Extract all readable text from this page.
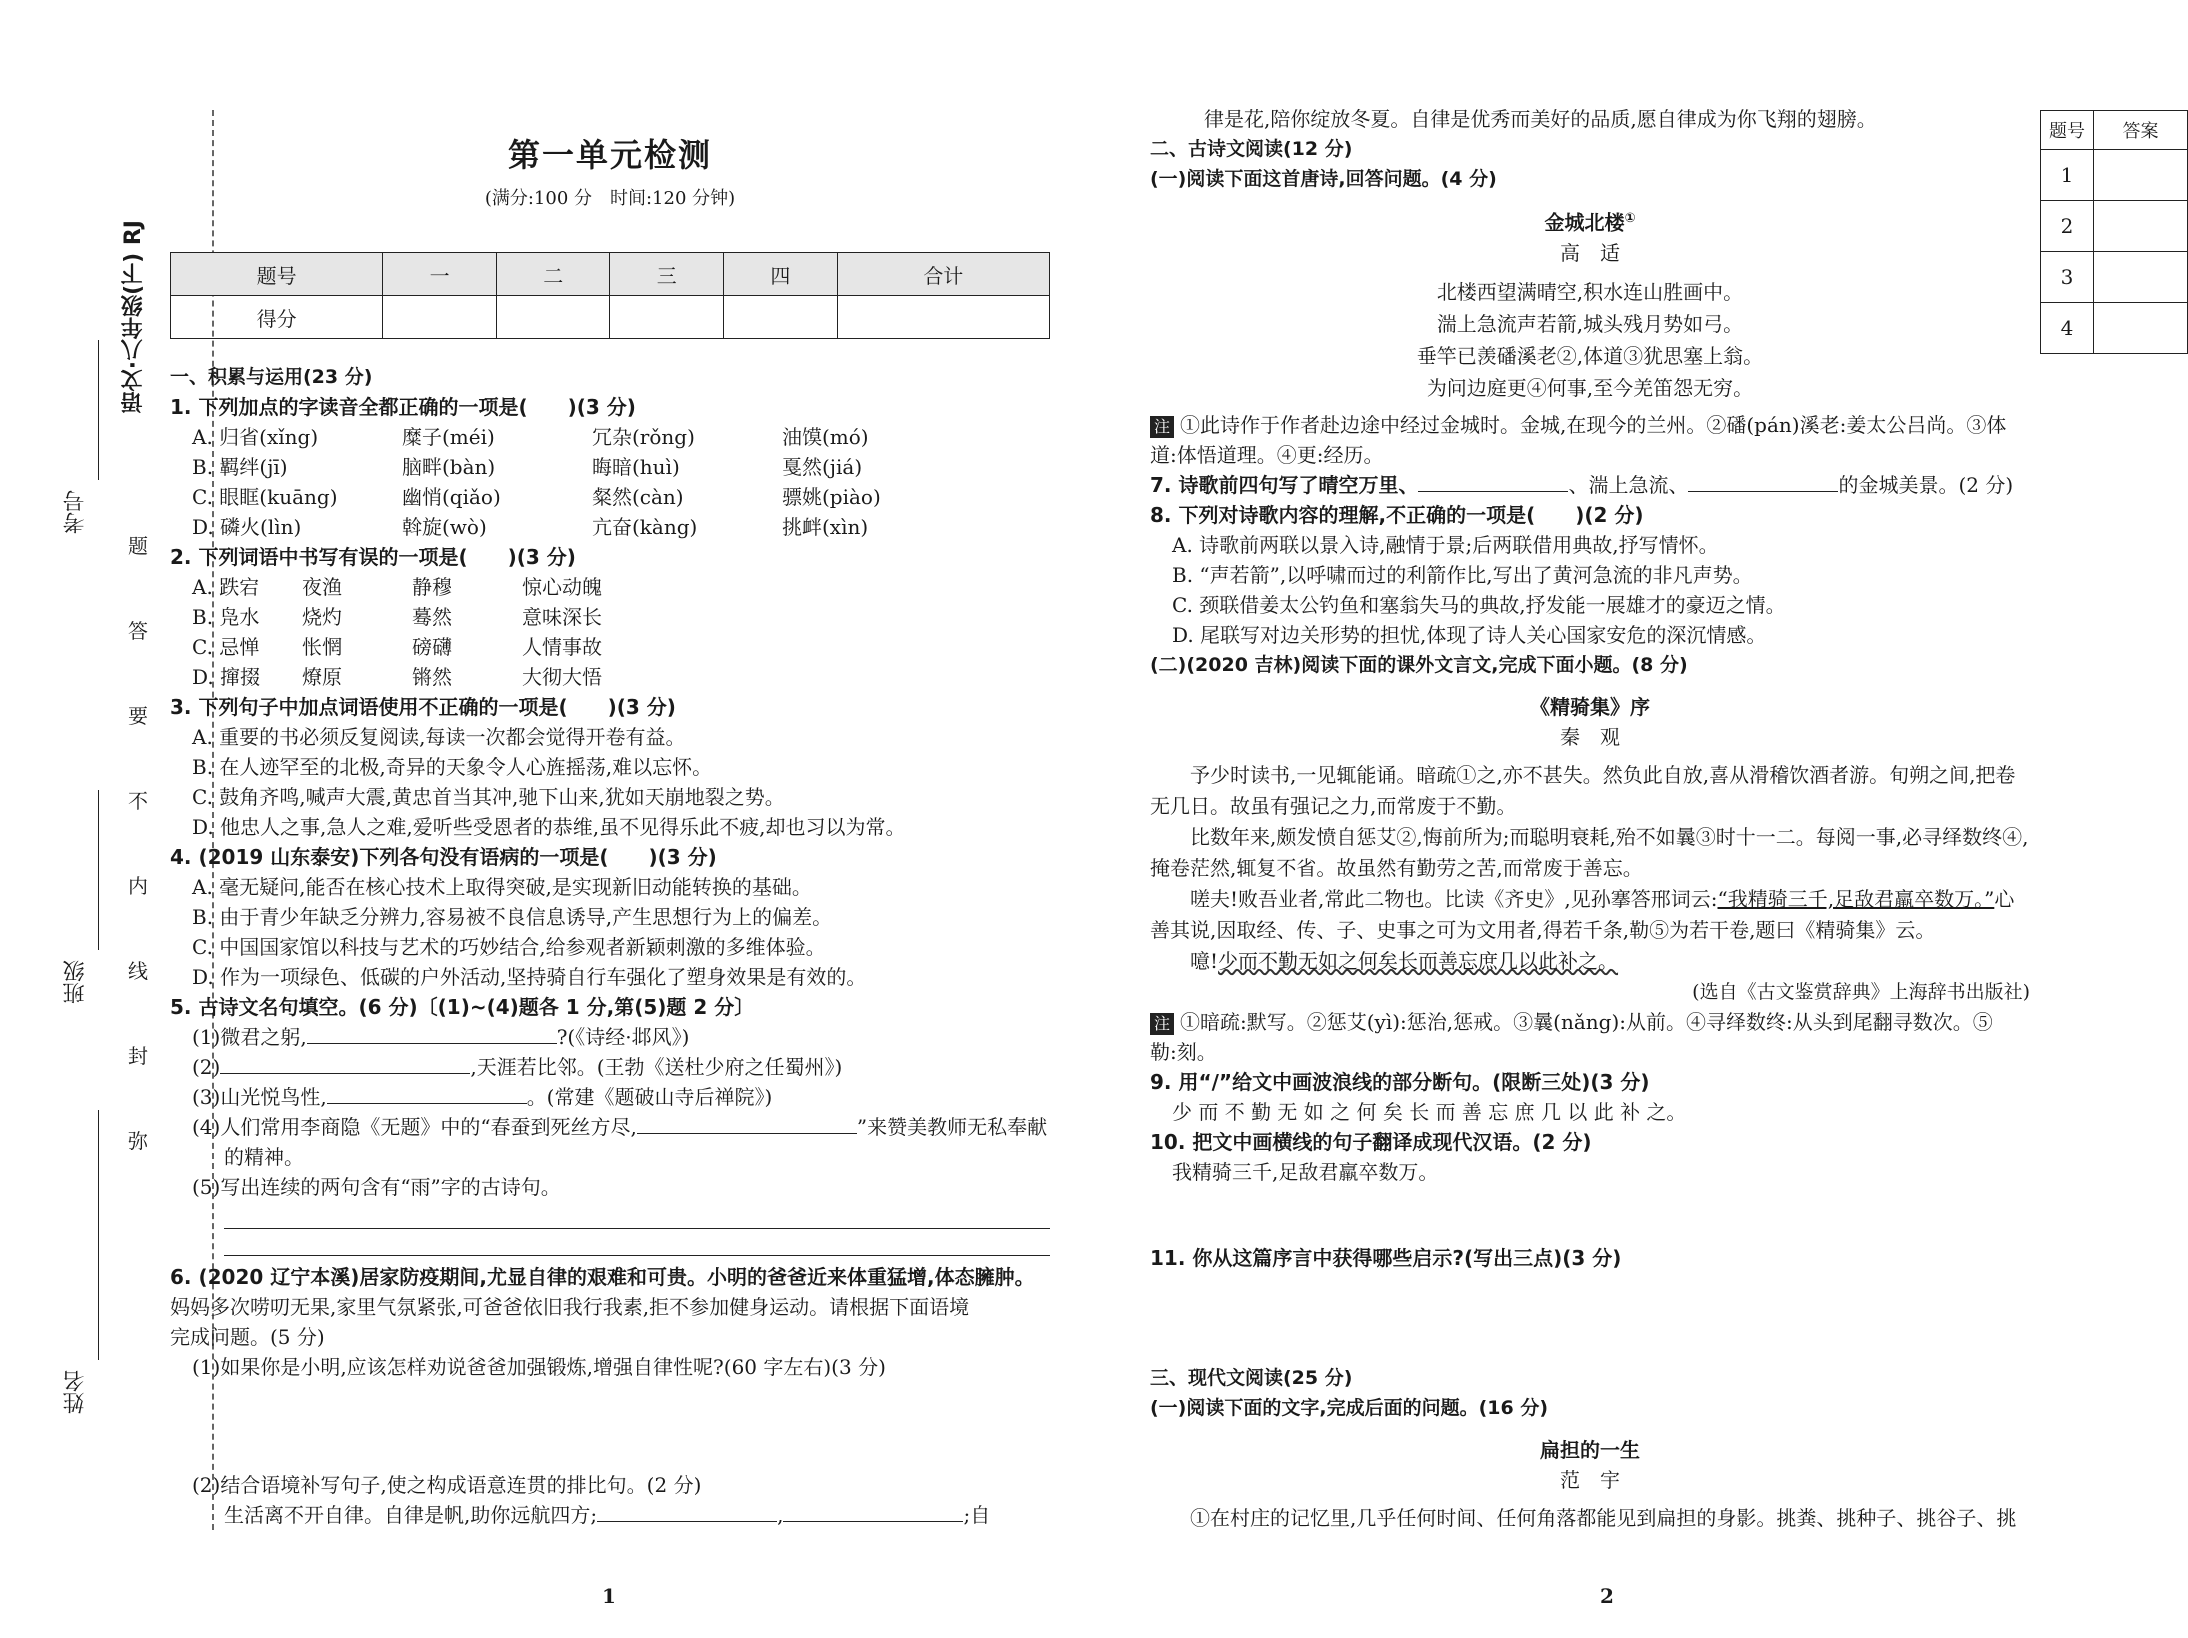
考号
班级
姓名
语文·八年级(下) RJ
题
答
要
不
内
线
封
弥
第一单元检测
(满分:100 分　时间:120 分钟)
题号	一	二	三	四	合计
得分					

一、积累与运用(23 分)

1. 下列加点的字读音全都正确的一项是(　　)(3 分)

A. 归省(xǐng)	糜子(méi)	冗杂(rǒng)	油馍(mó)
B. 羁绊(jī)	脑畔(bàn)	晦暗(huì)	戛然(jiá)
C. 眼眶(kuāng)	幽悄(qiǎo)	粲然(càn)	骠姚(piào)
D. 磷火(lìn)	斡旋(wò)	亢奋(kàng)	挑衅(xìn)

2. 下列词语中书写有误的一项是(　　)(3 分)

A. 跌宕	夜渔	静穆	惊心动魄
B. 凫水	烧灼	蓦然	意味深长
C. 忌惮	怅惘	磅礴	人情事故
D. 撺掇	燎原	锵然	大彻大悟

3. 下列句子中加点词语使用不正确的一项是(　　)(3 分)

A. 重要的书必须反复阅读,每读一次都会觉得开卷有益。

B. 在人迹罕至的北极,奇异的天象令人心旌摇荡,难以忘怀。

C. 鼓角齐鸣,喊声大震,黄忠首当其冲,驰下山来,犹如天崩地裂之势。

D. 他忠人之事,急人之难,爱听些受恩者的恭维,虽不见得乐此不疲,却也习以为常。

4. (2019 山东泰安)下列各句没有语病的一项是(　　)(3 分)

A. 毫无疑问,能否在核心技术上取得突破,是实现新旧动能转换的基础。

B. 由于青少年缺乏分辨力,容易被不良信息诱导,产生思想行为上的偏差。

C. 中国国家馆以科技与艺术的巧妙结合,给参观者新颖刺激的多维体验。

D. 作为一项绿色、低碳的户外活动,坚持骑自行车强化了塑身效果是有效的。

5. 古诗文名句填空。(6 分)〔(1)~(4)题各 1 分,第(5)题 2 分〕

(1)微君之躬,	?(《诗经·邶风》)

(2)	,天涯若比邻。(王勃《送杜少府之任蜀州》)

(3)山光悦鸟性,	。(常建《题破山寺后禅院》)

(4)人们常用李商隐《无题》中的“春蚕到死丝方尽,	”来赞美教师无私奉献

的精神。

(5)写出连续的两句含有“雨”字的古诗句。

6. (2020 辽宁本溪)居家防疫期间,尤显自律的艰难和可贵。小明的爸爸近来体重猛增,体态臃肿。

妈妈多次唠叨无果,家里气氛紧张,可爸爸依旧我行我素,拒不参加健身运动。请根据下面语境

完成问题。(5 分)

(1)如果你是小明,应该怎样劝说爸爸加强锻炼,增强自律性呢?(60 字左右)(3 分)

(2)结合语境补写句子,使之构成语意连贯的排比句。(2 分)

生活离不开自律。自律是帆,助你远航四方;	,	;自

1

律是花,陪你绽放冬夏。自律是优秀而美好的品质,愿自律成为你飞翔的翅膀。

二、古诗文阅读(12 分)

(一)阅读下面这首唐诗,回答问题。(4 分)

金城北楼①

高　适

北楼西望满晴空,积水连山胜画中。

湍上急流声若箭,城头残月势如弓。

垂竿已羡磻溪老②,体道③犹思塞上翁。

为问边庭更④何事,至今羌笛怨无穷。

注 ①此诗作于作者赴边途中经过金城时。金城,在现今的兰州。②磻(pán)溪老:姜太公吕尚。③体

道:体悟道理。④更:经历。

7. 诗歌前四句写了晴空万里、	、湍上急流、	的金城美景。(2 分)

8. 下列对诗歌内容的理解,不正确的一项是(　　)(2 分)

A. 诗歌前两联以景入诗,融情于景;后两联借用典故,抒写情怀。

B. “声若箭”,以呼啸而过的利箭作比,写出了黄河急流的非凡声势。

C. 颈联借姜太公钓鱼和塞翁失马的典故,抒发能一展雄才的豪迈之情。

D. 尾联写对边关形势的担忧,体现了诗人关心国家安危的深沉情感。

(二)(2020 吉林)阅读下面的课外文言文,完成下面小题。(8 分)

《精骑集》序

秦　观

予少时读书,一见辄能诵。暗疏①之,亦不甚失。然负此自放,喜从滑稽饮酒者游。旬朔之间,把卷无几日。故虽有强记之力,而常废于不勤。

比数年来,颇发愤自惩艾②,悔前所为;而聪明衰耗,殆不如曩③时十一二。每阅一事,必寻绎数终④,掩卷茫然,辄复不省。故虽然有勤劳之苦,而常废于善忘。

嗟夫!败吾业者,常此二物也。比读《齐史》,见孙搴答邢词云:“我精骑三千,足敌君羸卒数万。”心善其说,因取经、传、子、史事之可为文用者,得若千条,勒⑤为若干卷,题曰《精骑集》云。

噫!少而不勤无如之何矣长而善忘庶几以此补之。

(选自《古文鉴赏辞典》上海辞书出版社)

注 ①暗疏:默写。②惩艾(yì):惩治,惩戒。③曩(nǎng):从前。④寻绎数终:从头到尾翻寻数次。⑤

勒:刻。

9. 用“/”给文中画波浪线的部分断句。(限断三处)(3 分)

少 而 不 勤 无 如 之 何 矣 长 而 善 忘 庶 几 以 此 补 之。

10. 把文中画横线的句子翻译成现代汉语。(2 分)

我精骑三千,足敌君羸卒数万。

11. 你从这篇序言中获得哪些启示?(写出三点)(3 分)

三、现代文阅读(25 分)

(一)阅读下面的文字,完成后面的问题。(16 分)

扁担的一生

范　宇

①在村庄的记忆里,几乎任何时间、任何角落都能见到扁担的身影。挑粪、挑种子、挑谷子、挑

2
题号	答案
1	
2	
3	
4	
